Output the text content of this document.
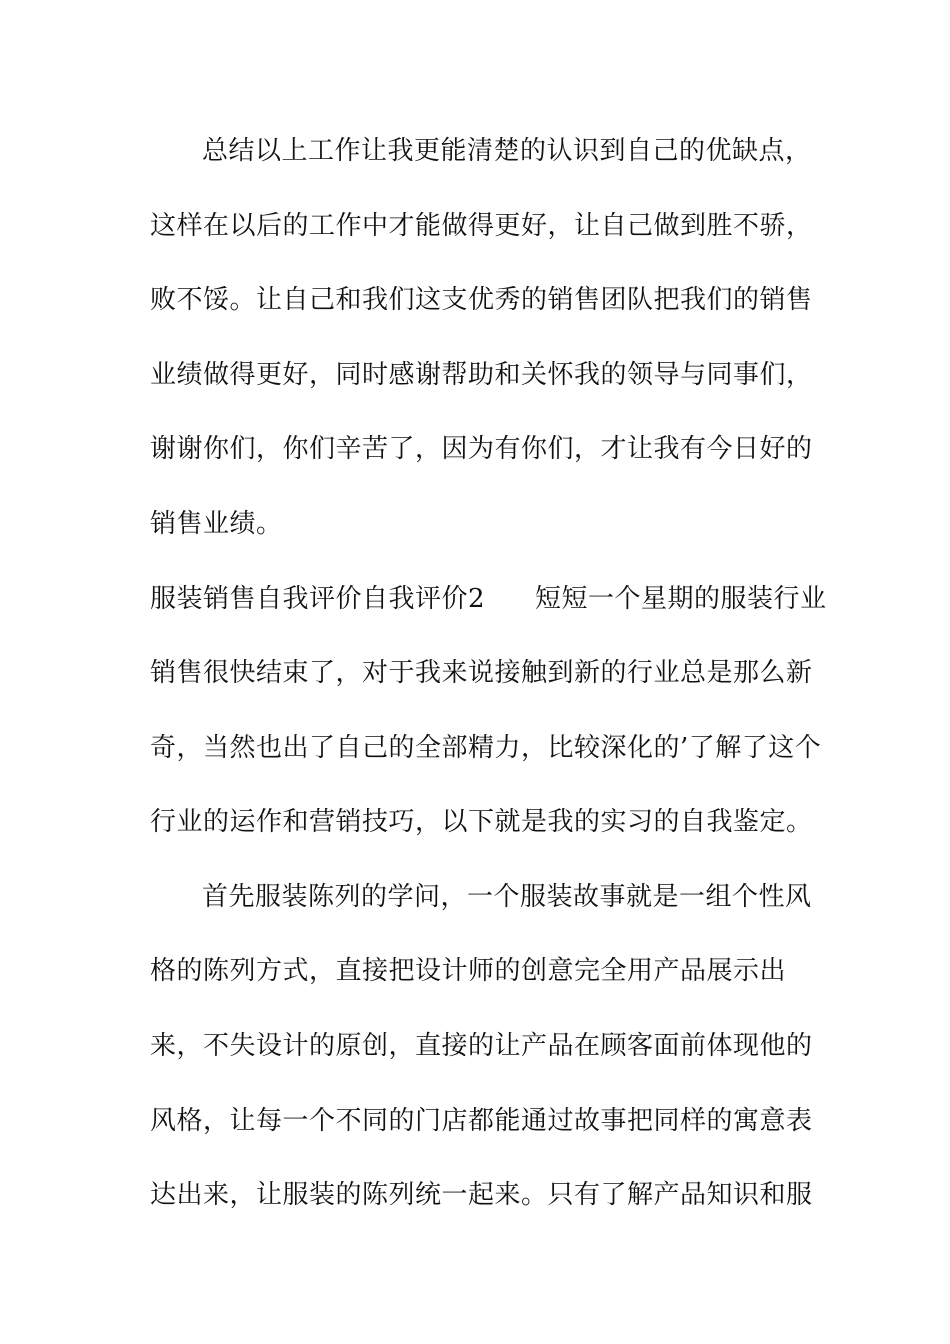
总结以上工作让我更能清楚的认识到自己的优缺点，
这样在以后的工作中才能做得更好，让自己做到胜不骄，
败不馁。让自己和我们这支优秀的销售团队把我们的销售
业绩做得更好，同时感谢帮助和关怀我的领导与同事们，
谢谢你们，你们辛苦了，因为有你们，才让我有今日好的
销售业绩。
服装销售自我评价自我评价2 短短一个星期的服装行业
销售很快结束了，对于我来说接触到新的行业总是那么新
奇，当然也出了自己的全部精力，比较深化的’了解了这个
行业的运作和营销技巧，以下就是我的实习的自我鉴定。
首先服装陈列的学问，一个服装故事就是一组个性风
格的陈列方式，直接把设计师的创意完全用产品展示出
来，不失设计的原创，直接的让产品在顾客面前体现他的
风格，让每一个不同的门店都能通过故事把同样的寓意表
达出来，让服装的陈列统一起来。只有了解产品知识和服
